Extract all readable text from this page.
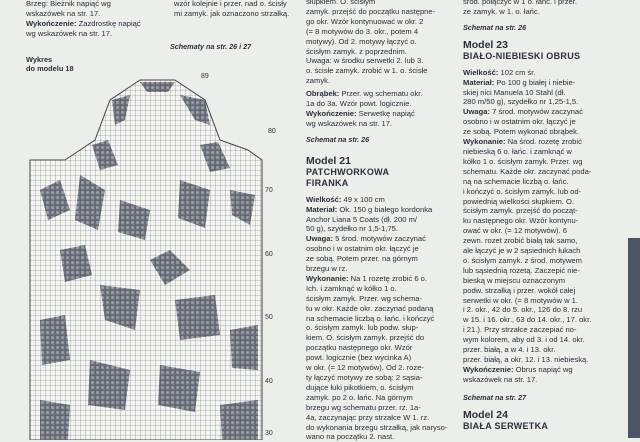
Brzeg: Bieżnik napiąć wg

wskazówek na str. 17.

Wykończenie: Zazdrostkę napiąć

wg wskazówek na str. 17.

Schematy na str. 26 i 27
Wykres
do modelu 18

wzór kolejnie i przer. nad o. ścisły

mi zamyk. jak oznaczono strzałką.

89
80
70
60
50
40
30

słupkiem. O. ścisłym

zamyk. przejść do początku następne-

go okr. Wzór kontynuować w okr. 2

(= 8 motywów do 3. okr., potem 4

motywy). Od 2. motywy łączyć o.

ścisłym zamyk. z poprzednim.

Uwaga: w środku serwetki 2. lub 3.

o. ścisłe zamyk. zrobić w 1. o. ścisłe

zamyk.

Obrąbek: Przer. wg schematu okr.

1a do 3a. Wzór powt. logicznie.

Wykończenie: Serwetkę napiąć

wg wskazówek na str. 17.

Schemat na str. 26
Model 21
PATCHWORKOWA
FIRANKA

Wielkość: 49 x 100 cm

Materiał: Ok. 150 g białego kordonka

Anchor Liana 5 Coats (dł. 200 m/

50 g), szydełko nr 1,5-1,75.

Uwaga: 5 środ. motywów zaczynać

osobno i w ostatnim okr. łączyć je

ze sobą. Potem przer. na górnym

brzegu w rz.

Wykonanie: Na 1 rozetę zrobić 6 o.

Ich. i zamknąć w kółko 1 o.

ścisłym zamyk. Przer. wg schema-

tu w okr. Każde okr. zaczynać podaną

na schemacie liczbą o. łańc. i kończyć

o. ścisłym zamyk. lub podw. słup-

kiem. O. ścisłym zamyk. przejść do

początku następnego okr. Wzór

powt. logicznie (bez wycinka A)

w okr. (= 12 motywów). Od 2. roze-

ty łączyć motywy ze sobą: 2 sąsia-

dujące łuki pikotkiem, o. ścisłym

zamyk. po 2 o. łańc. Na górnym

brzegu wg schematu przer. rz. 1a-

4a, zaczynając przy strzałce W 1. rz.

do wykonania brzegu strzałką, jak naryso-

wano na początku 2. nast.

środ. połączyć w 1 o. łańc. i przer.

ze zamyk. w 1. o. łańc.

Schemat na str. 26
Model 23
BIAŁO-NIEBIESKI OBRUS

Wielkość: 102 cm śr.

Materiał: Po 100 g białej i niebie-

skiej nici Manuela 10 Stahl (dł.

280 m/50 g), szydełko nr 1,25-1,5.

Uwaga: 7 środ. motywów zaczynać

osobno i w ostatnim okr. łączyć je

ze sobą. Potem wykonać obrąbek.

Wykonanie: Na środ. rozetę zrobić

niebieską 6 o. łańc. i zamknąć w

kółko 1 o. ścisłym zamyk. Przer. wg

schematu. Każde okr. zaczynać poda-

ną na schemacie liczbą o. łańc.

i kończyć o. ścisłym zamyk. lub od-

powiednią wielkości słupkiem. O.

ścisłym zamyk. przejść do począt-

ku następnego okr. Wzór kontynu-

ować w okr. (= 12 motywów). 6

zewn. rozet zrobić białą tak samo,

ale łączyć je w 2 sąsiednich łukach

o. ścisłym zamyk. z środ. motywem

lub sąsiednią rozetą. Zaczepić nie-

bieską w miejscu oznaczonym

podw. strzałką i przer. wokół całej

serwetki w okr. (= 8 motywów w 1.

i 2. okr., 42 do 5. okr., 126 do 8. rzu

w 15. i 16. okr., 63 do 14. okr., 17. okr.

i 21.). Przy strzałce zaczepiać no-

wym kolorem, aby od 3. i od 14. okr.

przer. białą, a w 4. i 13. okr.

przer. białą, a okr. 12. i 13. niebieską.

Wykończenie: Obrus napiąć wg

wskazówek na str. 17.

Schemat na str. 27
Model 24
BIAŁA SERWETKA
